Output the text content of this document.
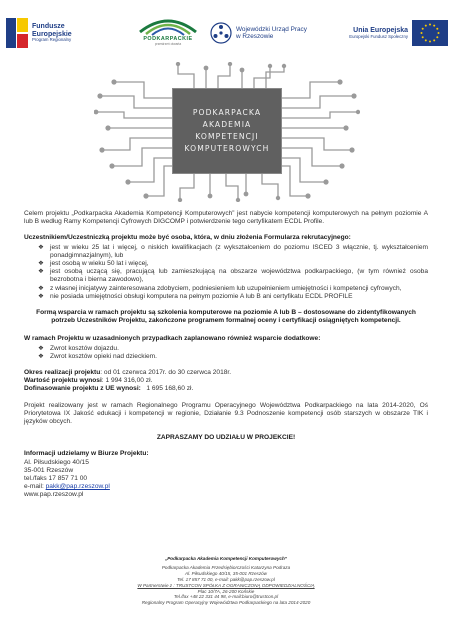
Fundusze
Europejskie
Program Regionalny	PODKARPACKIE
przestrzeń otwarta
Wojewódzki Urząd Pracy
w Rzeszowie
Unia Europejska
Europejski Fundusz Społeczny
PODKARPACKA
AKADEMIA
KOMPETENCJI
KOMPUTEROWYCH

Celem projektu „Podkarpacka Akademia Kompetencji Komputerowych” jest nabycie kompetencji komputerowych na pełnym poziomie A lub B według Ramy Kompetencji Cyfrowych DIGCOMP i potwierdzenie tego certyfikatem ECDL Profile.

Uczestnikiem/Uczestniczką projektu może być osoba, która, w dniu złożenia Formularza rekrutacyjnego:

❖ jest w wieku 25 lat i więcej, o niskich kwalifikacjach (z wykształceniem do poziomu ISCED 3 włącznie, tj. wykształceniem ponadgimnazjalnym), lub
❖ jest osobą w wieku 50 lat i więcej,
❖ jest osobą uczącą się, pracującą lub zamieszkującą na obszarze województwa podkarpackiego, (w tym również osoba bezrobotna i bierna zawodowo),
❖ z własnej inicjatywy zainteresowana zdobyciem, podniesieniem lub uzupełnieniem umiejętności i kompetencji cyfrowych,
❖ nie posiada umiejętności obsługi komputera na pełnym poziomie A lub B ani certyfikatu ECDL PROFILE

Formą wsparcia w ramach projektu są szkolenia komputerowe na poziomie A lub B – dostosowane do zidentyfikowanych potrzeb Uczestników Projektu, zakończone programem formalnej oceny i certyfikacji osiągniętych kompetencji.

W ramach Projektu w uzasadnionych przypadkach zaplanowano również wsparcie dodatkowe:

❖ Zwrot kosztów dojazdu.
❖ Zwrot kosztów opieki nad dzieckiem.
Okres realizacji projektu: od 01 czerwca 2017r. do 30 czerwca 2018r.
Wartość projektu wynosi: 1 994 316,00 zł.
Dofinasowanie projektu z UE wynosi: 1 695 168,60 zł.

Projekt realizowany jest w ramach Regionalnego Programu Operacyjnego Województwa Podkarpackiego na lata 2014-2020, Oś Priorytetowa IX Jakość edukacji i kompetencji w regionie, Działanie 9.3 Podnoszenie kompetencji osób starszych w obszarze TIK i języków obcych.

ZAPRASZAMY DO UDZIAŁU W PROJEKCIE!

Informacji udzielamy w Biurze Projektu:
Al. Piłsudskiego 40/15
35-001 Rzeszów
tel./faks 17 857 71 00
e-mail: pakk@pap.rzeszow.pl
www.pap.rzeszow.pl
„Podkarpacka Akademia Kompetencji Komputerowych”
Podkarpacka Akademia Przedsiębiorczości Katarzyna Podraza
Al. Piłsudskiego 40/15, 35-001 Rzeszów
Tel. 17 857 71 00, e-mail: pakk@pap.rzeszow.pl
W Partnerstwie z : TRUSTCON SPÓŁKA Z OGRANICZONĄ ODPOWIEDZIALNOŚCIĄ
Plac 10/7A, 26-200 Końskie
Tel./fax +48 22 331 44 98, e-mail:biuro@trustcon.pl
Regionalny Program Operacyjny Województwa Podkarpackiego na lata 2014-2020
